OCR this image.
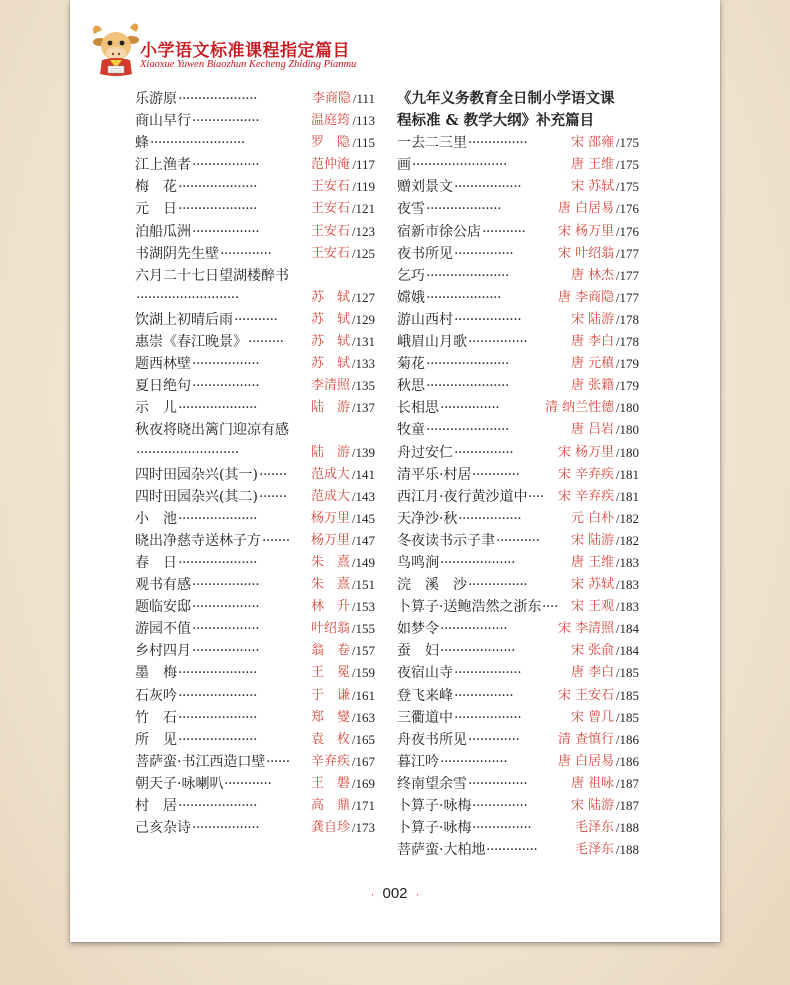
小学语文标准课程指定篇目
Xiaoxue Yuwen Biaozhun Kecheng Zhiding Pianmu
乐游原 ····················	李商隐 /111
商山早行 ·················	温庭筠 /113
蜂 ························	罗　隐 /115
江上渔者 ·················	范仲淹 /117
梅　花 ····················	王安石 /119
元　日 ····················	王安石 /121
泊船瓜洲 ·················	王安石 /123
书湖阴先生壁 ·············	王安石 /125
六月二十七日望湖楼醉书
··························	苏　轼 /127
饮湖上初晴后雨 ···········	苏　轼 /129
惠崇《春江晚景》 ·········	苏　轼 /131
题西林壁 ·················	苏　轼 /133
夏日绝句 ·················	李清照 /135
示　儿 ····················	陆　游 /137
秋夜将晓出篱门迎凉有感
··························	陆　游 /139
四时田园杂兴(其一) ·······	范成大 /141
四时田园杂兴(其二) ·······	范成大 /143
小　池 ····················	杨万里 /145
晓出净慈寺送林子方 ·······	杨万里 /147
春　日 ····················	朱　熹 /149
观书有感 ·················	朱　熹 /151
题临安邸 ·················	林　升 /153
游园不值 ·················	叶绍翁 /155
乡村四月 ·················	翁　卷 /157
墨　梅 ····················	王　冕 /159
石灰吟 ····················	于　谦 /161
竹　石 ····················	郑　燮 /163
所　见 ····················	袁　枚 /165
菩萨蛮·书江西造口壁 ······	辛弃疾 /167
朝天子·咏喇叭 ············	王　磐 /169
村　居 ····················	高　鼎 /171
己亥杂诗 ·················	龚自珍 /173
《九年义务教育全日制小学语文课
程标准 & 教学大纲》补充篇目
一去二三里 ···············	宋 邵雍 /175
画 ························	唐 王维 /175
赠刘景文 ·················	宋 苏轼 /175
夜雪 ···················	唐 白居易 /176
宿新市徐公店 ···········	宋 杨万里 /176
夜书所见 ···············	宋 叶绍翁 /177
乞巧 ·····················	唐 林杰 /177
嫦娥 ···················	唐 李商隐 /177
游山西村 ·················	宋 陆游 /178
峨眉山月歌 ···············	唐 李白 /178
菊花 ·····················	唐 元稹 /179
秋思 ·····················	唐 张籍 /179
长相思 ···············	清 纳兰性德 /180
牧童 ·····················	唐 吕岩 /180
舟过安仁 ···············	宋 杨万里 /180
清平乐·村居 ············	宋 辛弃疾 /181
西江月·夜行黄沙道中 ····	宋 辛弃疾 /181
天净沙·秋 ················	元 白朴 /182
冬夜读书示子聿 ···········	宋 陆游 /182
鸟鸣涧 ···················	唐 王维 /183
浣　溪　沙 ···············	宋 苏轼 /183
卜算子·送鲍浩然之浙东 ····	宋 王观 /183
如梦令 ·················	宋 李清照 /184
蚕　妇 ···················	宋 张俞 /184
夜宿山寺 ·················	唐 李白 /185
登飞来峰 ···············	宋 王安石 /185
三衢道中 ·················	宋 曾几 /185
舟夜书所见 ·············	清 查慎行 /186
暮江吟 ·················	唐 白居易 /186
终南望余雪 ···············	唐 祖咏 /187
卜算子·咏梅 ··············	宋 陆游 /187
卜算子·咏梅 ···············	毛泽东 /188
菩萨蛮·大柏地 ·············	毛泽东 /188
· 002 ·
